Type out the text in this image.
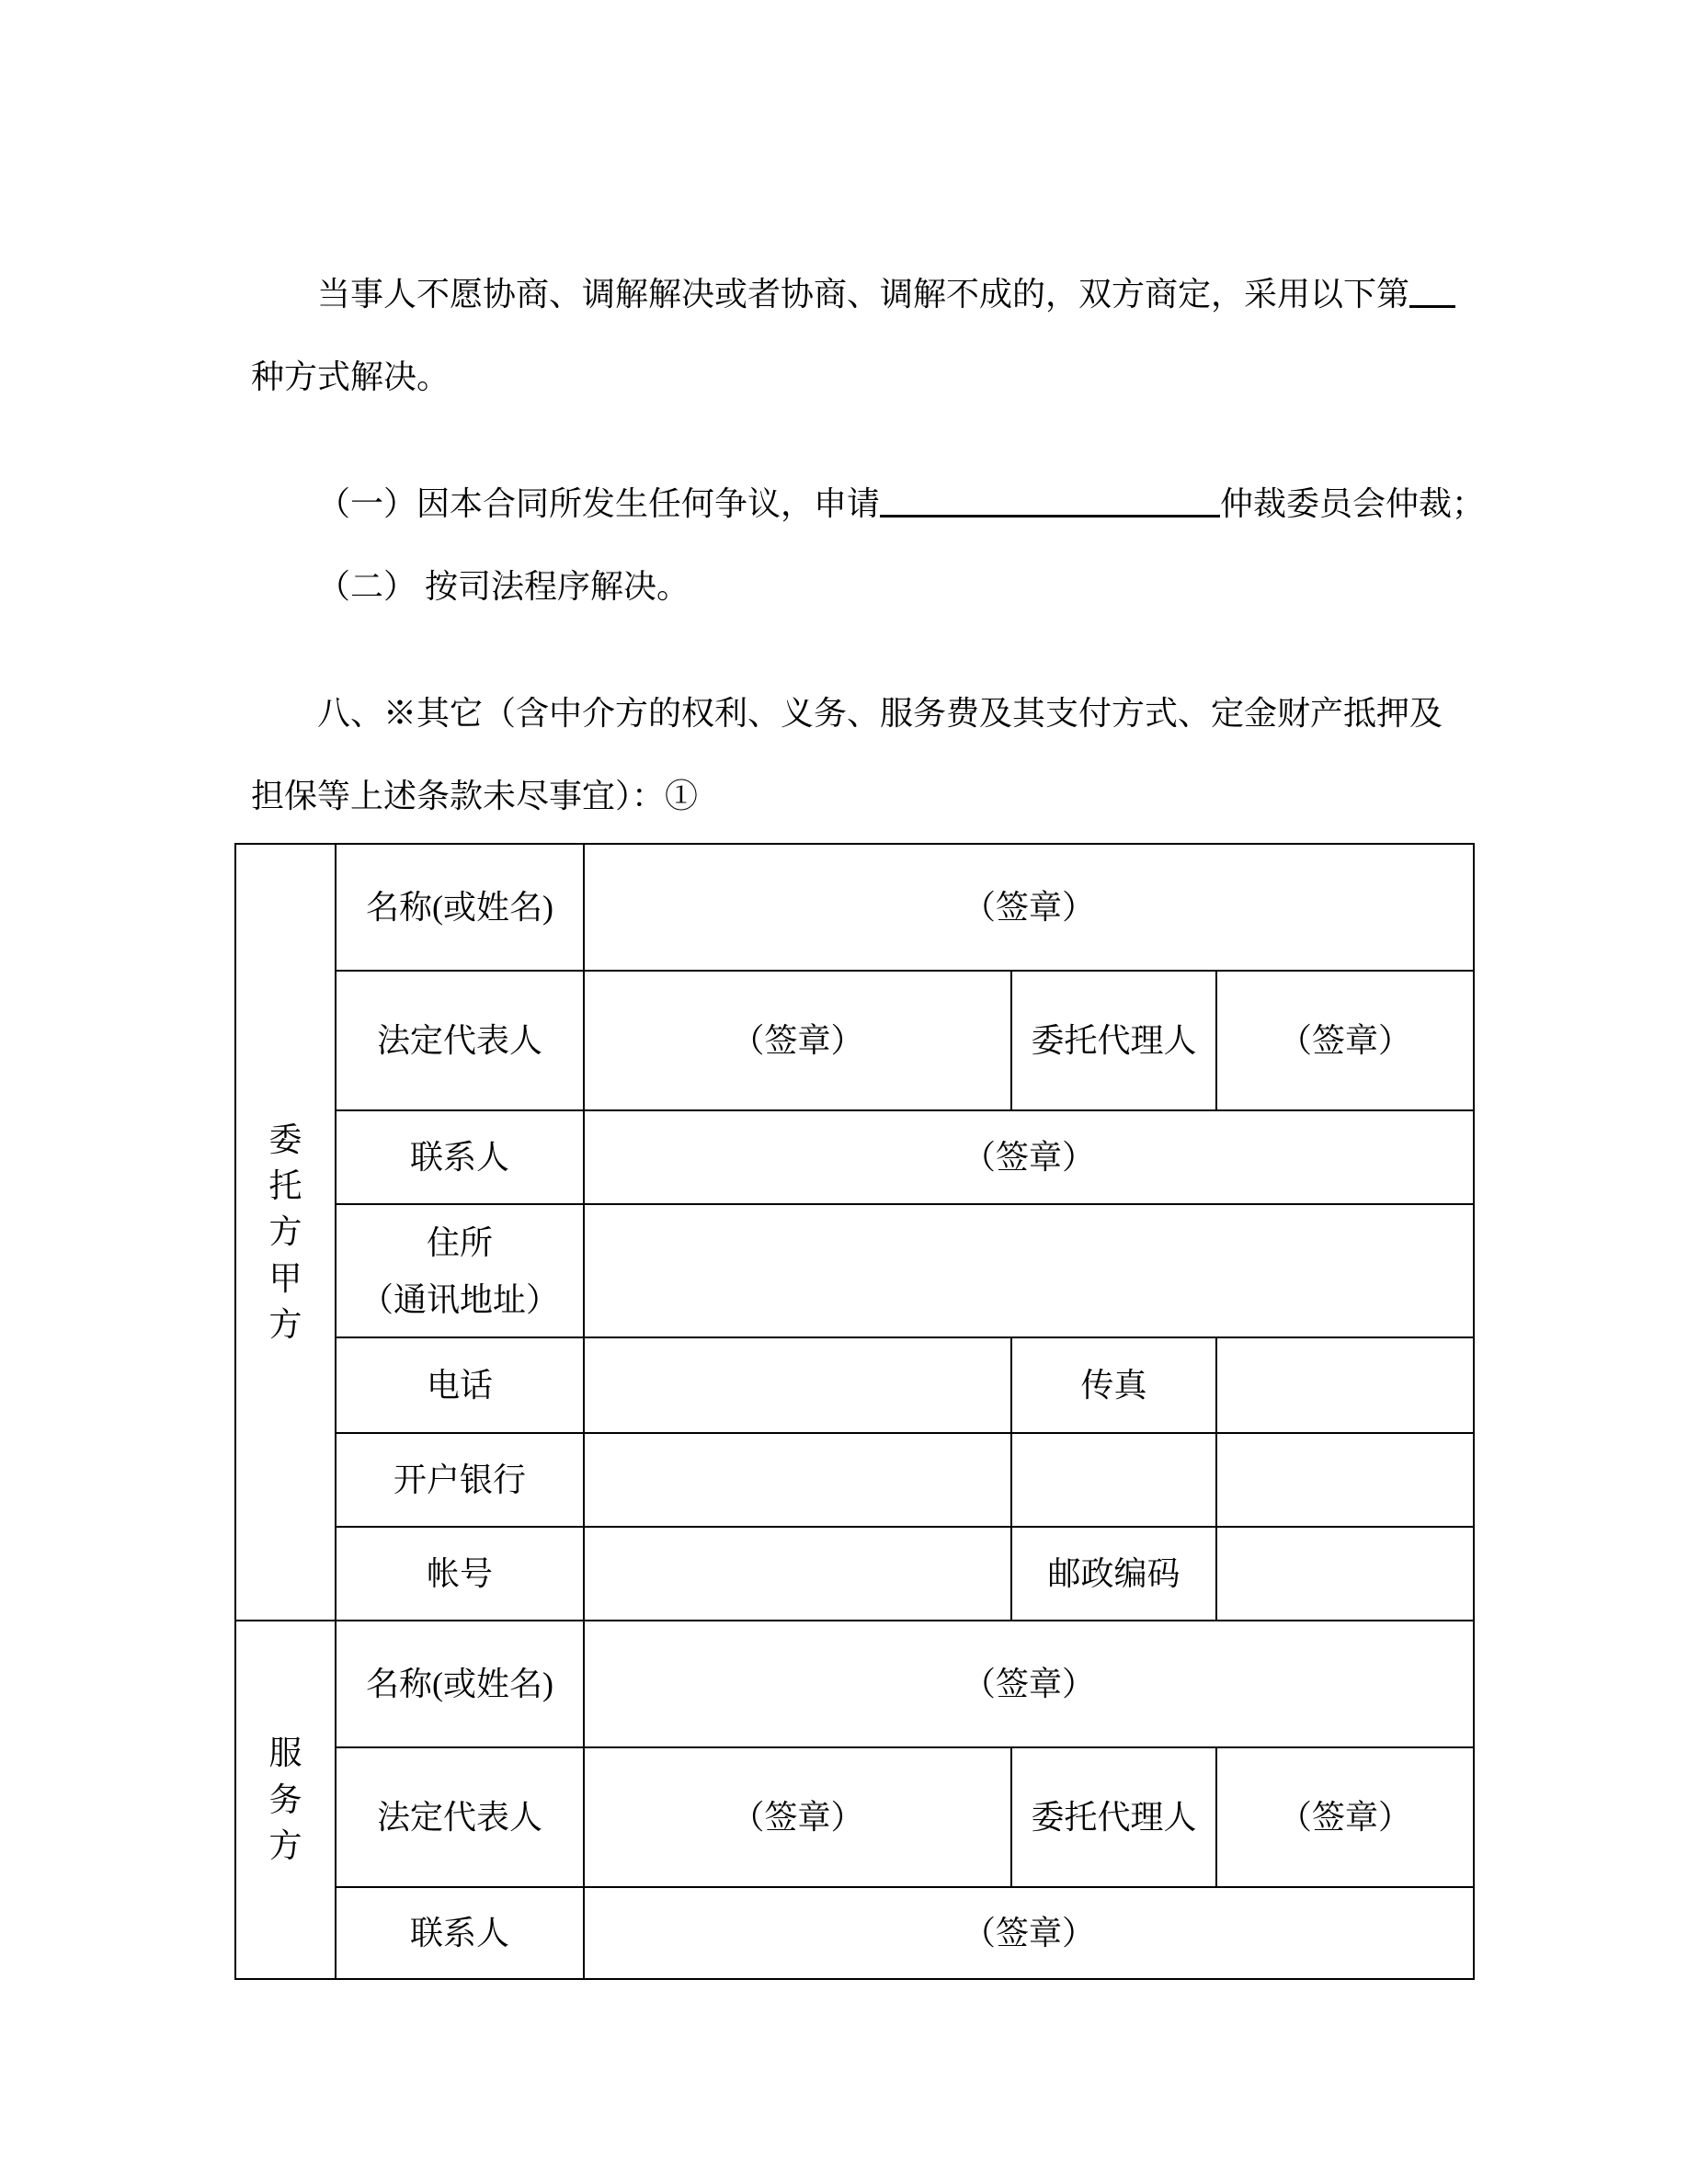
当事人不愿协商、调解解决或者协商、调解不成的，双方商定，采用以下第
种方式解决。
（一）因本合同所发生任何争议，申请	仲裁委员会仲裁；
（二） 按司法程序解决。
八、※其它（含中介方的权利、义务、服务费及其支付方式、定金财产抵押及
担保等上述条款未尽事宜）：①
委
托
方
甲
方	名称(或姓名)	（签章）		
	法定代表人	（签章）	委托代理人	（签章）
	联系人	（签章）		

	住所
（通讯地址）			

	电话		传真	
	开户银行			
	帐号		邮政编码	

服
务
方	名称(或姓名)	（签章）		
	法定代表人	（签章）	委托代理人	（签章）
	联系人	（签章）		
